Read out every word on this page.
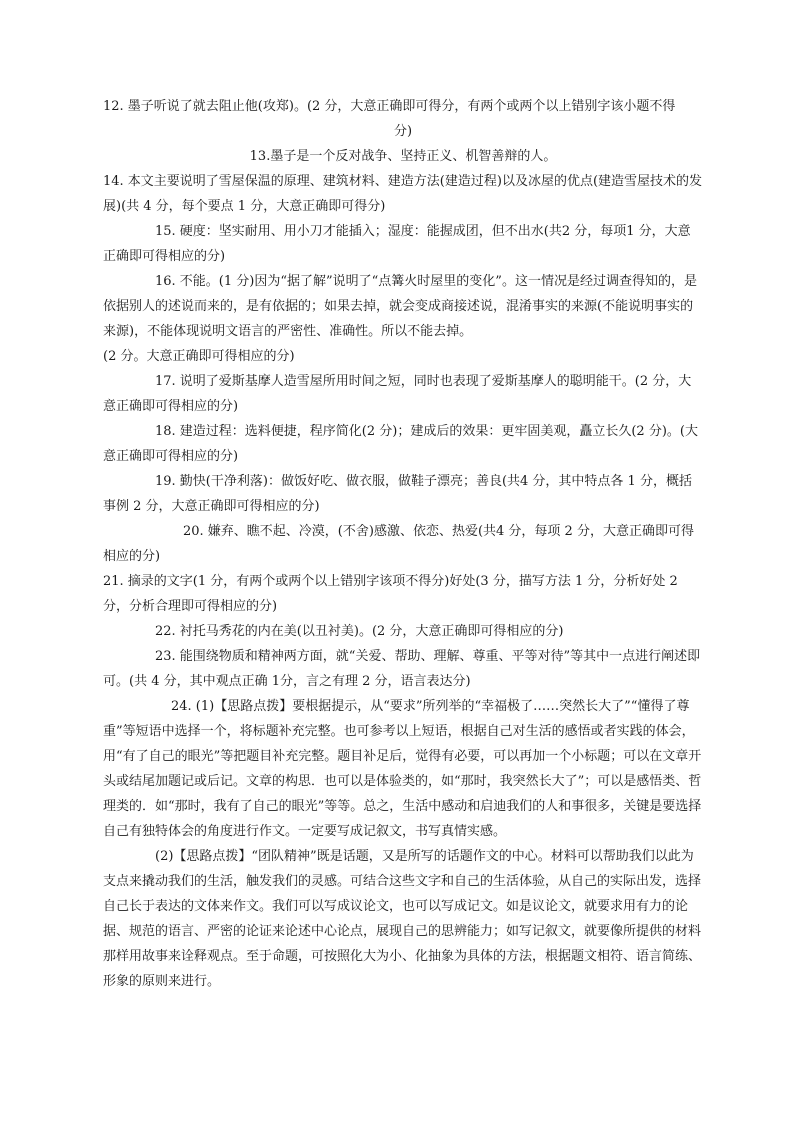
12. 墨子听说了就去阻止他(攻郑)。(2 分，大意正确即可得分，有两个或两个以上错别字该小题不得

分)

13.墨子是一个反对战争、坚持正义、机智善辩的人。

14. 本文主要说明了雪屋保温的原理、建筑材料、建造方法(建造过程)以及冰屋的优点(建造雪屋技术的发展)(共 4 分，每个要点 1 分，大意正确即可得分)

15. 硬度：坚实耐用、用小刀才能插入；湿度：能握成团，但不出水(共2 分，每项1 分，大意正确即可得相应的分)

16. 不能。(1 分)因为“据了解”说明了“点篝火时屋里的变化”。这一情况是经过调查得知的，是依据别人的述说而来的，是有依据的；如果去掉，就会变成商接述说，混淆事实的来源(不能说明事实的来源)，不能体现说明文语言的严密性、准确性。所以不能去掉。

(2 分。大意正确即可得相应的分)

17. 说明了爱斯基摩人造雪屋所用时间之短，同时也表现了爱斯基摩人的聪明能干。(2 分，大意正确即可得相应的分)

18. 建造过程：选料便捷，程序简化(2 分)；建成后的效果：更牢固美观，矗立长久(2 分)。(大意正确即可得相应的分)

19. 勤快(干净利落)：做饭好吃、做衣服，做鞋子漂亮；善良(共4 分，其中特点各 1 分，概括事例 2 分，大意正确即可得相应的分)

20. 嫌弃、瞧不起、冷漠，(不舍)感激、依恋、热爱(共4 分，每项 2 分，大意正确即可得相应的分)

21. 摘录的文字(1 分，有两个或两个以上错别字该项不得分)好处(3 分，描写方法 1 分，分析好处 2 分，分析合理即可得相应的分)

22. 衬托马秀花的内在美(以丑衬美)。(2 分，大意正确即可得相应的分)

23. 能围绕物质和精神两方面，就“关爱、帮助、理解、尊重、平等对待”等其中一点进行阐述即可。(共 4 分，其中观点正确 1分，言之有理 2 分，语言表达分)

24. (1)【思路点拨】要根据提示，从“要求”所列举的“幸福极了……突然长大了”“懂得了尊重”等短语中选择一个，将标题补充完整。也可参考以上短语，根据自己对生活的感悟或者实践的体会，用“有了自己的眼光”等把题目补充完整。题目补足后，觉得有必要，可以再加一个小标题；可以在文章开头或结尾加题记或后记。文章的构思．也可以是体验类的，如“那时，我突然长大了”；可以是感悟类、哲理类的．如“那时，我有了自己的眼光”等等。总之，生活中感动和启迪我们的人和事很多，关键是要选择自己有独特体会的角度进行作文。一定要写成记叙文，书写真情实感。

(2)【思路点拨】“团队精神”既是话题，又是所写的话题作文的中心。材料可以帮助我们以此为支点来撬动我们的生活，触发我们的灵感。可结合这些文字和自己的生活体验，从自己的实际出发，选择自己长于表达的文体来作文。我们可以写成议论文，也可以写成记文。如是议论文，就要求用有力的论据、规范的语言、严密的论证来论述中心论点，展现自己的思辨能力；如写记叙文，就要像所提供的材料那样用故事来诠释观点。至于命题，可按照化大为小、化抽象为具体的方法，根据题文相符、语言简练、形象的原则来进行。
